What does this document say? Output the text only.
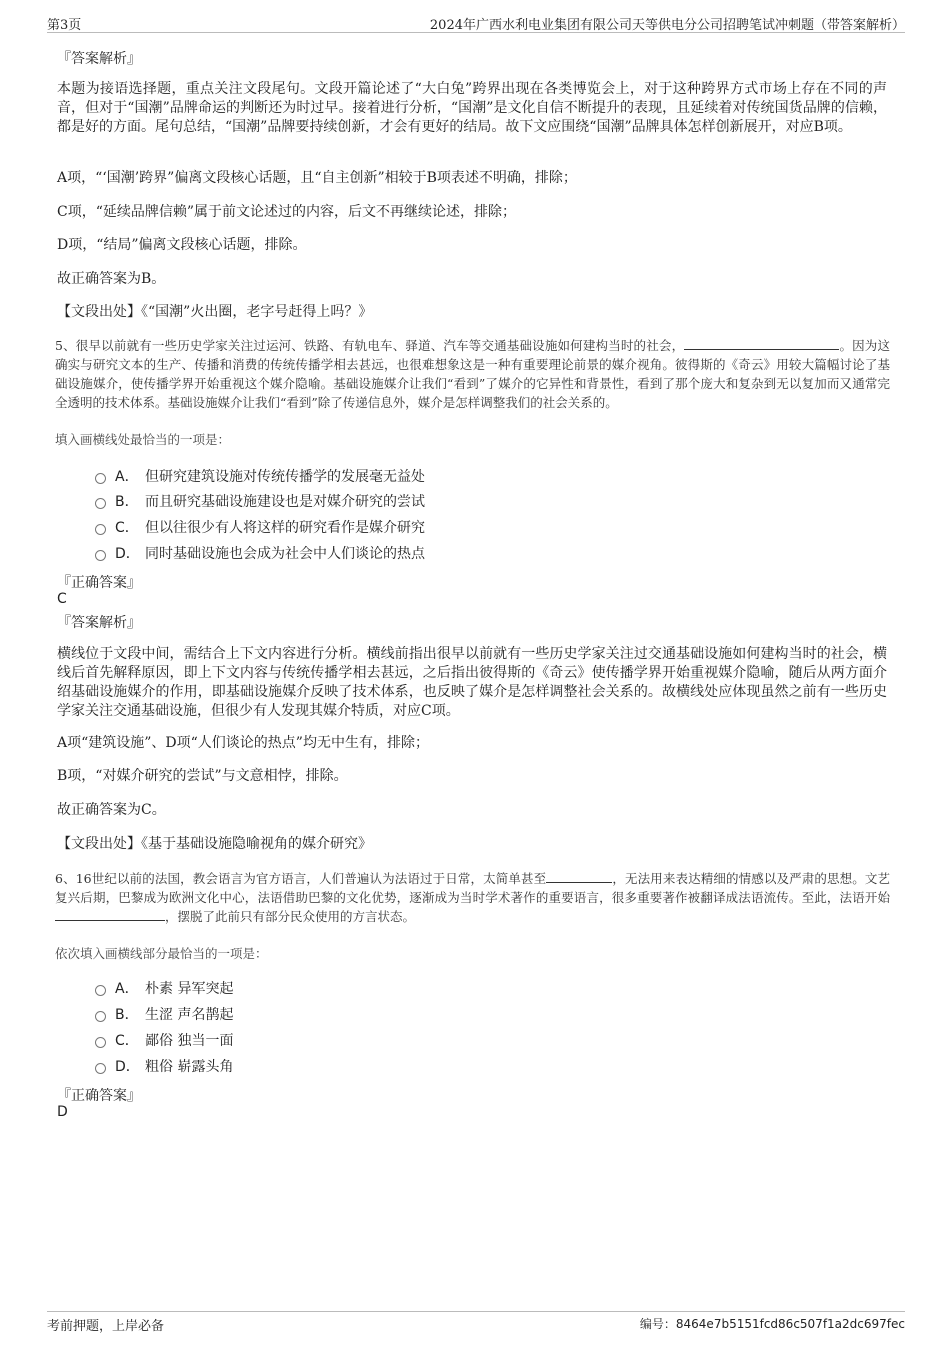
第3页	2024年广西水利电业集团有限公司天等供电分公司招聘笔试冲刺题（带答案解析）
『答案解析』
本题为接语选择题，重点关注文段尾句。文段开篇论述了“大白兔”跨界出现在各类博览会上，对于这种跨界方式市场上存在不同的声音，但对于“国潮”品牌命运的判断还为时过早。接着进行分析，“国潮”是文化自信不断提升的表现，且延续着对传统国货品牌的信赖，都是好的方面。尾句总结，“国潮”品牌要持续创新，才会有更好的结局。故下文应围绕“国潮”品牌具体怎样创新展开，对应B项。
A项，“‘国潮’跨界”偏离文段核心话题，且“自主创新”相较于B项表述不明确，排除；
C项，“延续品牌信赖”属于前文论述过的内容，后文不再继续论述，排除；
D项，“结局”偏离文段核心话题，排除。
故正确答案为B。
【文段出处】《“国潮”火出圈，老字号赶得上吗？》
5、很早以前就有一些历史学家关注过运河、铁路、有轨电车、驿道、汽车等交通基础设施如何建构当时的社会，	。因为这确实与研究文本的生产、传播和消费的传统传播学相去甚远，也很难想象这是一种有重要理论前景的媒介视角。彼得斯的《奇云》用较大篇幅讨论了基础设施媒介，使传播学界开始重视这个媒介隐喻。基础设施媒介让我们“看到”了媒介的它异性和背景性，看到了那个庞大和复杂到无以复加而又通常完全透明的技术体系。基础设施媒介让我们“看到”除了传递信息外，媒介是怎样调整我们的社会关系的。
填入画横线处最恰当的一项是：
A． 但研究建筑设施对传统传播学的发展毫无益处
B． 而且研究基础设施建设也是对媒介研究的尝试
C． 但以往很少有人将这样的研究看作是媒介研究
D． 同时基础设施也会成为社会中人们谈论的热点
『正确答案』
C
『答案解析』
横线位于文段中间，需结合上下文内容进行分析。横线前指出很早以前就有一些历史学家关注过交通基础设施如何建构当时的社会，横线后首先解释原因，即上下文内容与传统传播学相去甚远，之后指出彼得斯的《奇云》使传播学界开始重视媒介隐喻，随后从两方面介绍基础设施媒介的作用，即基础设施媒介反映了技术体系，也反映了媒介是怎样调整社会关系的。故横线处应体现虽然之前有一些历史学家关注交通基础设施，但很少有人发现其媒介特质，对应C项。
A项“建筑设施”、D项“人们谈论的热点”均无中生有，排除；
B项，“对媒介研究的尝试”与文意相悖，排除。
故正确答案为C。
【文段出处】《基于基础设施隐喻视角的媒介研究》
6、16世纪以前的法国，教会语言为官方语言，人们普遍认为法语过于日常，太简单甚至	，无法用来表达精细的情感以及严肃的思想。文艺复兴后期，巴黎成为欧洲文化中心，法语借助巴黎的文化优势，逐渐成为当时学术著作的重要语言，很多重要著作被翻译成法语流传。至此，法语开始，摆脱了此前只有部分民众使用的方言状态。
依次填入画横线部分最恰当的一项是：
A． 朴素 异军突起
B． 生涩 声名鹊起
C． 鄙俗 独当一面
D． 粗俗 崭露头角
『正确答案』
D
考前押题，上岸必备	编号：8464e7b5151fcd86c507f1a2dc697fec
